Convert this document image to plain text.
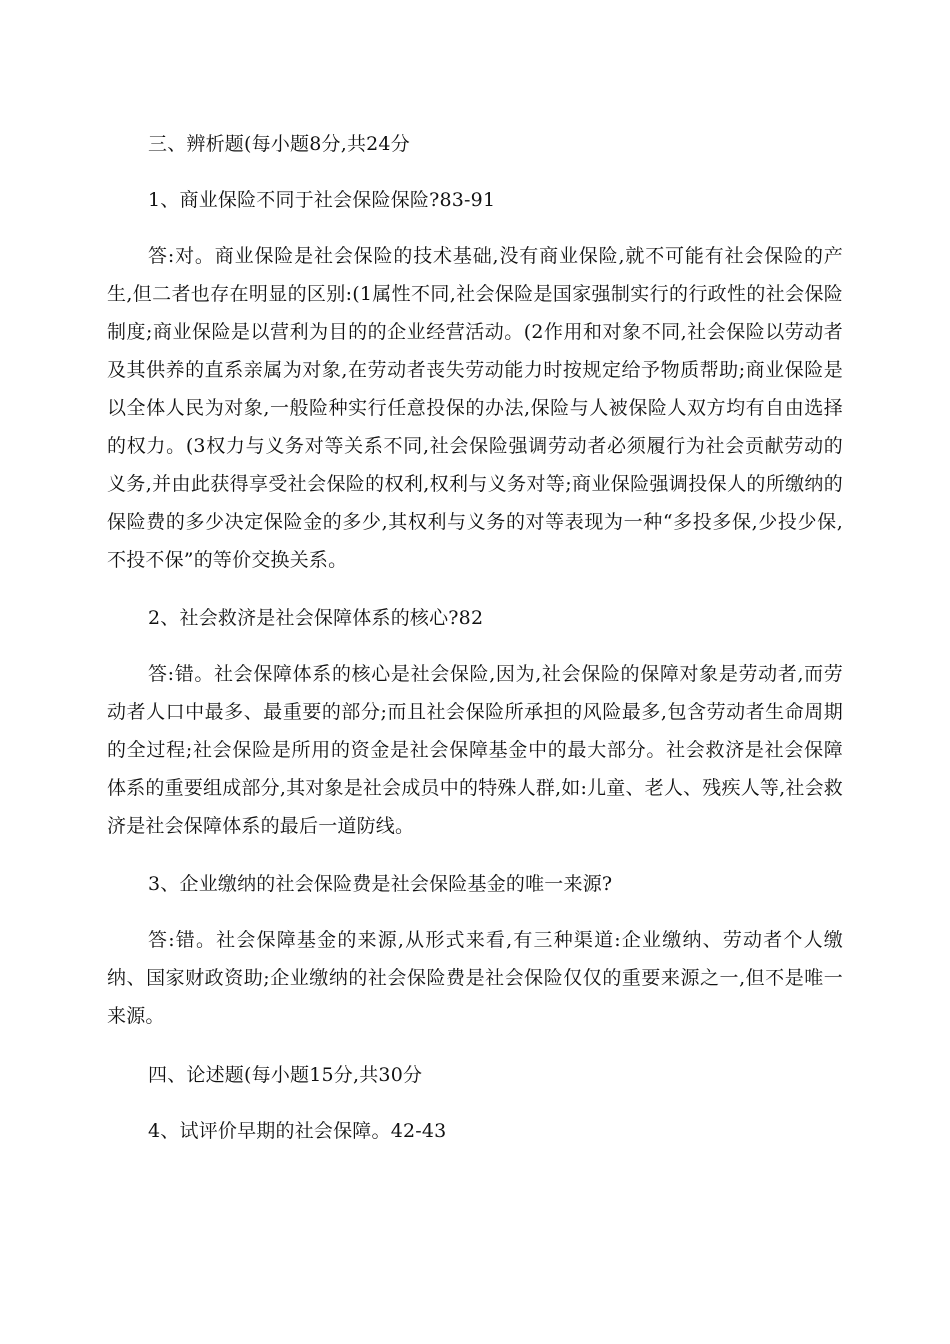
三、辨析题(每小题8分,共24分
1、商业保险不同于社会保险保险?83-91
答:对。商业保险是社会保险的技术基础,没有商业保险,就不可能有社会保险的产生,但二者也存在明显的区别:(1属性不同,社会保险是国家强制实行的行政性的社会保险制度;商业保险是以营利为目的的企业经营活动。(2作用和对象不同,社会保险以劳动者及其供养的直系亲属为对象,在劳动者丧失劳动能力时按规定给予物质帮助;商业保险是以全体人民为对象,一般险种实行任意投保的办法,保险与人被保险人双方均有自由选择的权力。(3权力与义务对等关系不同,社会保险强调劳动者必须履行为社会贡献劳动的义务,并由此获得享受社会保险的权利,权利与义务对等;商业保险强调投保人的所缴纳的保险费的多少决定保险金的多少,其权利与义务的对等表现为一种“多投多保,少投少保,不投不保”的等价交换关系。
2、社会救济是社会保障体系的核心?82
答:错。社会保障体系的核心是社会保险,因为,社会保险的保障对象是劳动者,而劳动者人口中最多、最重要的部分;而且社会保险所承担的风险最多,包含劳动者生命周期的全过程;社会保险是所用的资金是社会保障基金中的最大部分。社会救济是社会保障体系的重要组成部分,其对象是社会成员中的特殊人群,如:儿童、老人、残疾人等,社会救济是社会保障体系的最后一道防线。
3、企业缴纳的社会保险费是社会保险基金的唯一来源?
答:错。社会保障基金的来源,从形式来看,有三种渠道:企业缴纳、劳动者个人缴纳、国家财政资助;企业缴纳的社会保险费是社会保险仅仅的重要来源之一,但不是唯一来源。
四、论述题(每小题15分,共30分
4、试评价早期的社会保障。42-43
